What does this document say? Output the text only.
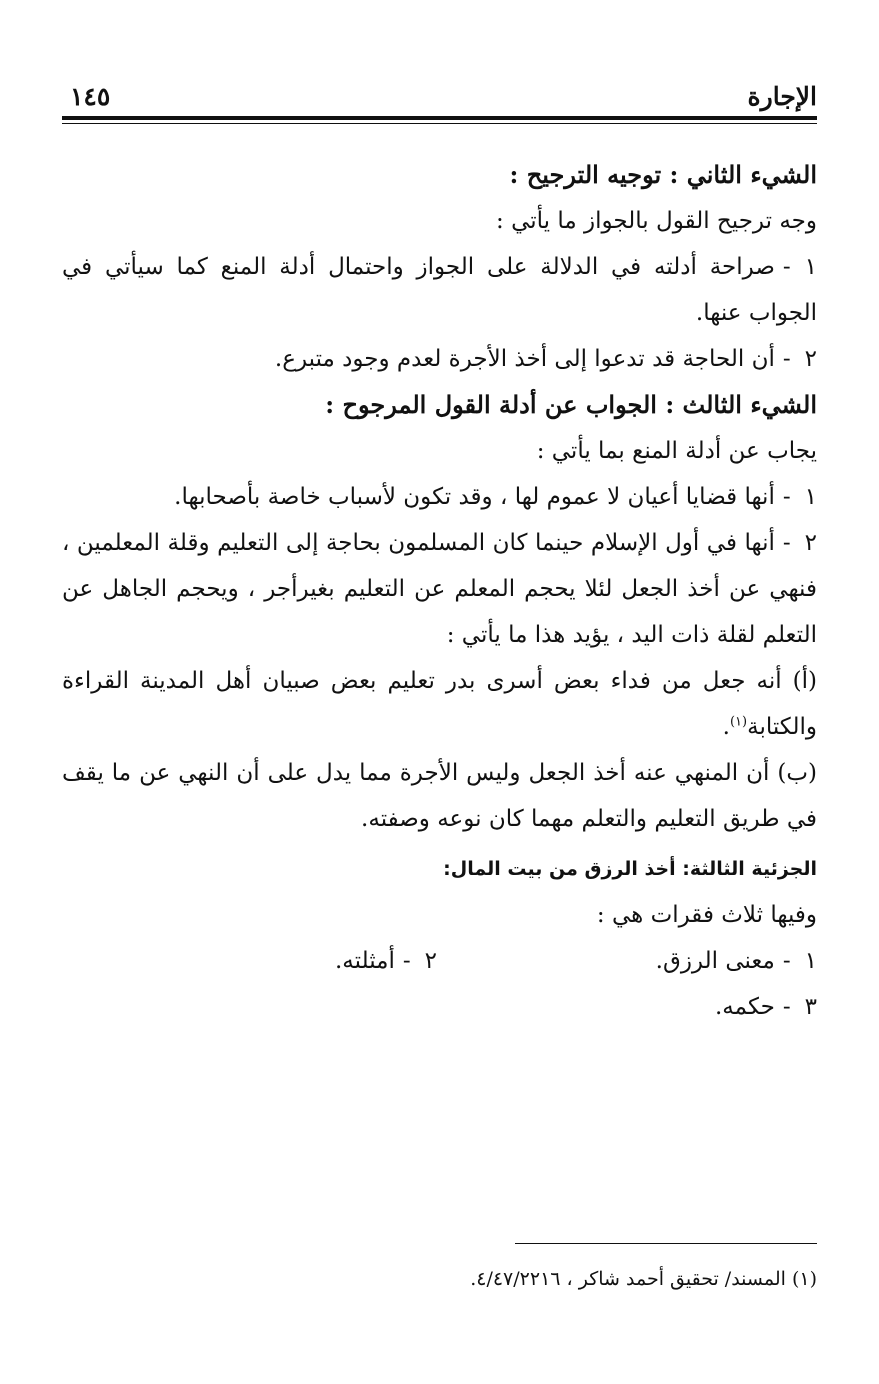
الإجارة
١٤٥

الشيء الثاني : توجيه الترجيح :

وجه ترجيح القول بالجواز ما يأتي :

١-صراحة أدلته في الدلالة على الجواز واحتمال أدلة المنع كما سيأتي في الجواب عنها.

٢-أن الحاجة قد تدعوا إلى أخذ الأجرة لعدم وجود متبرع.

الشيء الثالث : الجواب عن أدلة القول المرجوح :

يجاب عن أدلة المنع بما يأتي :

١-أنها قضايا أعيان لا عموم لها ، وقد تكون لأسباب خاصة بأصحابها.

٢-أنها في أول الإسلام حينما كان المسلمون بحاجة إلى التعليم وقلة المعلمين ، فنهي عن أخذ الجعل لئلا يحجم المعلم عن التعليم بغيرأجر ، ويحجم الجاهل عن التعلم لقلة ذات اليد ، يؤيد هذا ما يأتي :

(أ) أنه جعل من فداء بعض أسرى بدر تعليم بعض صبيان أهل المدينة القراءة والكتابة$^{(١)}$.

(ب) أن المنهي عنه أخذ الجعل وليس الأجرة مما يدل على أن النهي عن ما يقف في طريق التعليم والتعلم مهما كان نوعه وصفته.

الجزئية الثالثة: أخذ الرزق من بيت المال:

وفيها ثلاث فقرات هي :

١-معنى الرزق.
٢-أمثلته.

٣-حكمه.

(١) المسند/ تحقيق أحمد شاكر ، ٤/٤٧/٢٢١٦.
